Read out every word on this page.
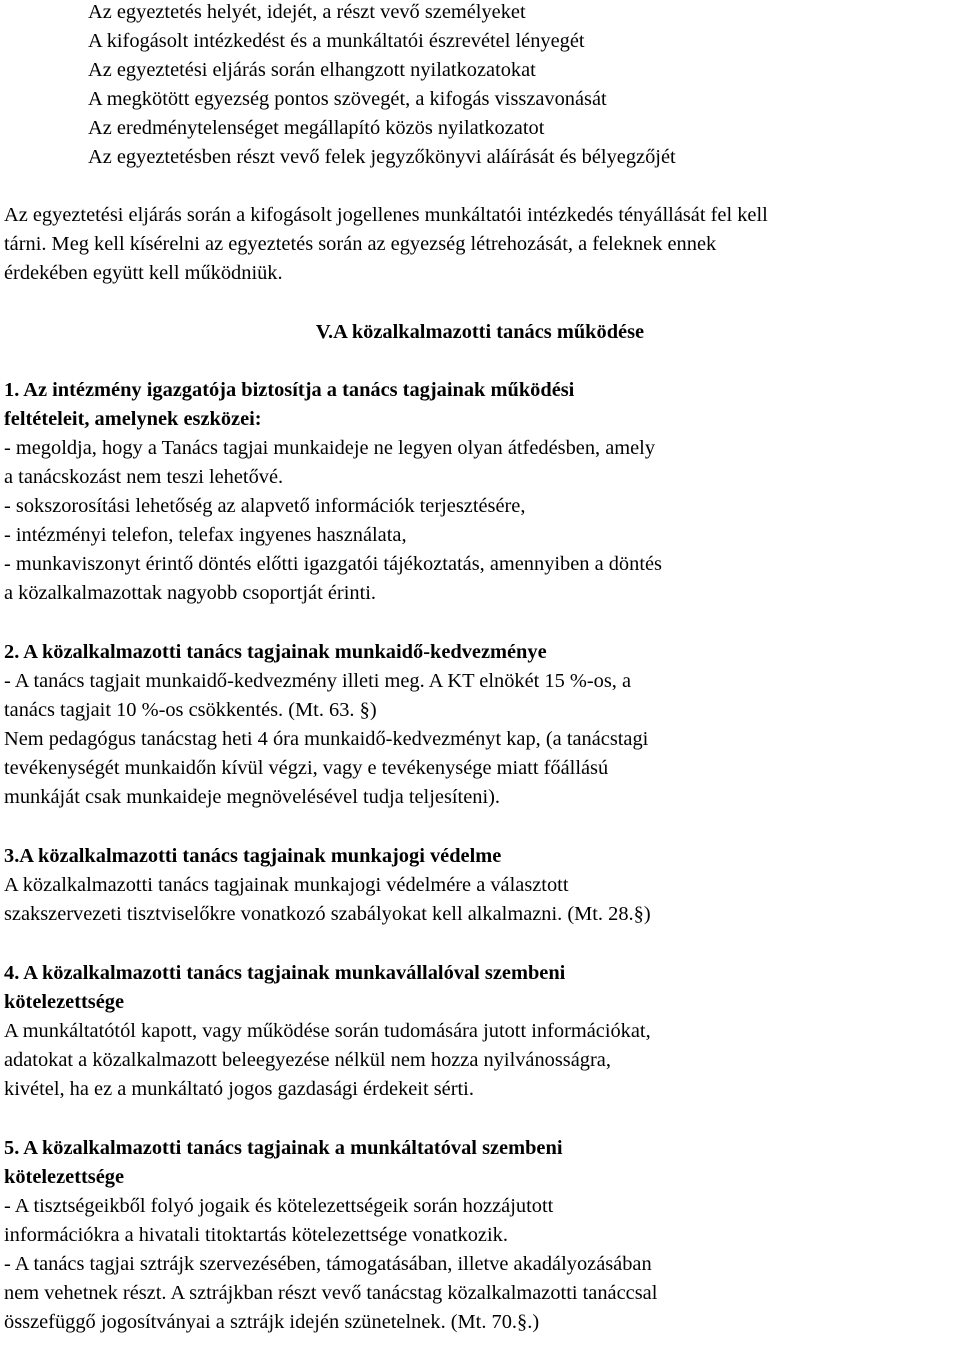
Az egyeztetés helyét, idejét, a részt vevő személyeket
A kifogásolt intézkedést és a munkáltatói észrevétel lényegét
Az egyeztetési eljárás során elhangzott nyilatkozatokat
A megkötött egyezség pontos szövegét, a kifogás visszavonását
Az eredménytelenséget megállapító közös nyilatkozatot
Az egyeztetésben részt vevő felek jegyzőkönyvi aláírását és bélyegzőjét
Az egyeztetési eljárás során a kifogásolt jogellenes munkáltatói intézkedés tényállását fel kell
tárni. Meg kell kísérelni az egyeztetés során az egyezség létrehozását, a feleknek ennek
érdekében együtt kell működniük.
V.A közalkalmazotti tanács működése
1. Az intézmény igazgatója biztosítja a tanács tagjainak működési
feltételeit, amelynek eszközei:
- megoldja, hogy a Tanács tagjai munkaideje ne legyen olyan átfedésben, amely
a tanácskozást nem teszi lehetővé.
- sokszorosítási lehetőség az alapvető információk terjesztésére,
- intézményi telefon, telefax ingyenes használata,
- munkaviszonyt érintő döntés előtti igazgatói tájékoztatás, amennyiben a döntés
a közalkalmazottak nagyobb csoportját érinti.
2. A közalkalmazotti tanács tagjainak munkaidő-kedvezménye
- A tanács tagjait munkaidő-kedvezmény illeti meg. A KT elnökét 15 %-os, a
tanács tagjait 10 %-os csökkentés. (Mt. 63. §)
Nem pedagógus tanácstag heti 4 óra munkaidő-kedvezményt kap, (a tanácstagi
tevékenységét munkaidőn kívül végzi, vagy e tevékenysége miatt főállású
munkáját csak munkaideje megnövelésével tudja teljesíteni).
3.A közalkalmazotti tanács tagjainak munkajogi védelme
A közalkalmazotti tanács tagjainak munkajogi védelmére a választott
szakszervezeti tisztviselőkre vonatkozó szabályokat kell alkalmazni. (Mt. 28.§)
4. A közalkalmazotti tanács tagjainak munkavállalóval szembeni
kötelezettsége
A munkáltatótól kapott, vagy működése során tudomására jutott információkat,
adatokat a közalkalmazott beleegyezése nélkül nem hozza nyilvánosságra,
kivétel, ha ez a munkáltató jogos gazdasági érdekeit sérti.
5. A közalkalmazotti tanács tagjainak a munkáltatóval szembeni
kötelezettsége
- A tisztségeikből folyó jogaik és kötelezettségeik során hozzájutott
információkra a hivatali titoktartás kötelezettsége vonatkozik.
- A tanács tagjai sztrájk szervezésében, támogatásában, illetve akadályozásában
nem vehetnek részt. A sztrájkban részt vevő tanácstag közalkalmazotti tanáccsal
összefüggő jogosítványai a sztrájk idején szünetelnek. (Mt. 70.§.)
